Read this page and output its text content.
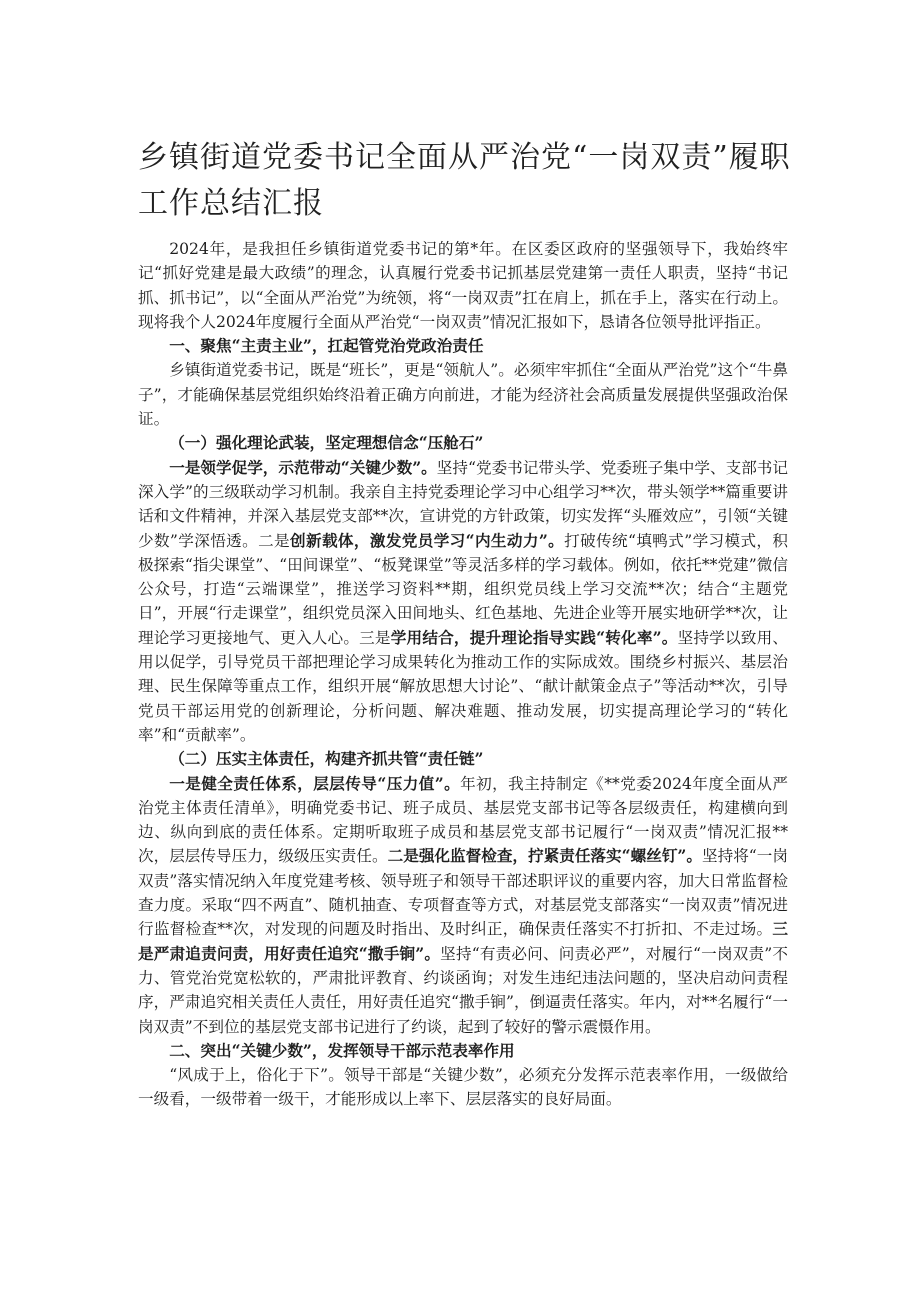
乡镇街道党委书记全面从严治党“一岗双责”履职工作总结汇报

2024年，是我担任乡镇街道党委书记的第*年。在区委区政府的坚强领导下，我始终牢记“抓好党建是最大政绩”的理念，认真履行党委书记抓基层党建第一责任人职责，坚持“书记抓、抓书记”，以“全面从严治党”为统领，将“一岗双责”扛在肩上，抓在手上，落实在行动上。现将我个人2024年度履行全面从严治党“一岗双责”情况汇报如下，恳请各位领导批评指正。

一、聚焦“主责主业”，扛起管党治党政治责任

乡镇街道党委书记，既是“班长”，更是“领航人”。必须牢牢抓住“全面从严治党”这个“牛鼻子”，才能确保基层党组织始终沿着正确方向前进，才能为经济社会高质量发展提供坚强政治保证。

（一）强化理论武装，坚定理想信念“压舱石”

一是领学促学，示范带动“关键少数”。坚持“党委书记带头学、党委班子集中学、支部书记深入学”的三级联动学习机制。我亲自主持党委理论学习中心组学习**次，带头领学**篇重要讲话和文件精神，并深入基层党支部**次，宣讲党的方针政策，切实发挥“头雁效应”，引领“关键少数”学深悟透。二是创新载体，激发党员学习“内生动力”。打破传统“填鸭式”学习模式，积极探索“指尖课堂”、“田间课堂”、“板凳课堂”等灵活多样的学习载体。例如，依托**党建”微信公众号，打造“云端课堂”，推送学习资料**期，组织党员线上学习交流**次；结合“主题党日”，开展“行走课堂”，组织党员深入田间地头、红色基地、先进企业等开展实地研学**次，让理论学习更接地气、更入人心。三是学用结合，提升理论指导实践“转化率”。坚持学以致用、用以促学，引导党员干部把理论学习成果转化为推动工作的实际成效。围绕乡村振兴、基层治理、民生保障等重点工作，组织开展“解放思想大讨论”、“献计献策金点子”等活动**次，引导党员干部运用党的创新理论，分析问题、解决难题、推动发展，切实提高理论学习的“转化率”和“贡献率”。

（二）压实主体责任，构建齐抓共管“责任链”

一是健全责任体系，层层传导“压力值”。年初，我主持制定《**党委2024年度全面从严治党主体责任清单》，明确党委书记、班子成员、基层党支部书记等各层级责任，构建横向到边、纵向到底的责任体系。定期听取班子成员和基层党支部书记履行“一岗双责”情况汇报**次，层层传导压力，级级压实责任。二是强化监督检查，拧紧责任落实“螺丝钉”。坚持将“一岗双责”落实情况纳入年度党建考核、领导班子和领导干部述职评议的重要内容，加大日常监督检查力度。采取“四不两直”、随机抽查、专项督查等方式，对基层党支部落实“一岗双责”情况进行监督检查**次，对发现的问题及时指出、及时纠正，确保责任落实不打折扣、不走过场。三是严肃追责问责，用好责任追究“撒手锏”。坚持“有责必问、问责必严”，对履行“一岗双责”不力、管党治党宽松软的，严肃批评教育、约谈函询；对发生违纪违法问题的，坚决启动问责程序，严肃追究相关责任人责任，用好责任追究“撒手锏”，倒逼责任落实。年内，对**名履行“一岗双责”不到位的基层党支部书记进行了约谈，起到了较好的警示震慑作用。

二、突出“关键少数”，发挥领导干部示范表率作用

“风成于上，俗化于下”。领导干部是“关键少数”，必须充分发挥示范表率作用，一级做给一级看，一级带着一级干，才能形成以上率下、层层落实的良好局面。
